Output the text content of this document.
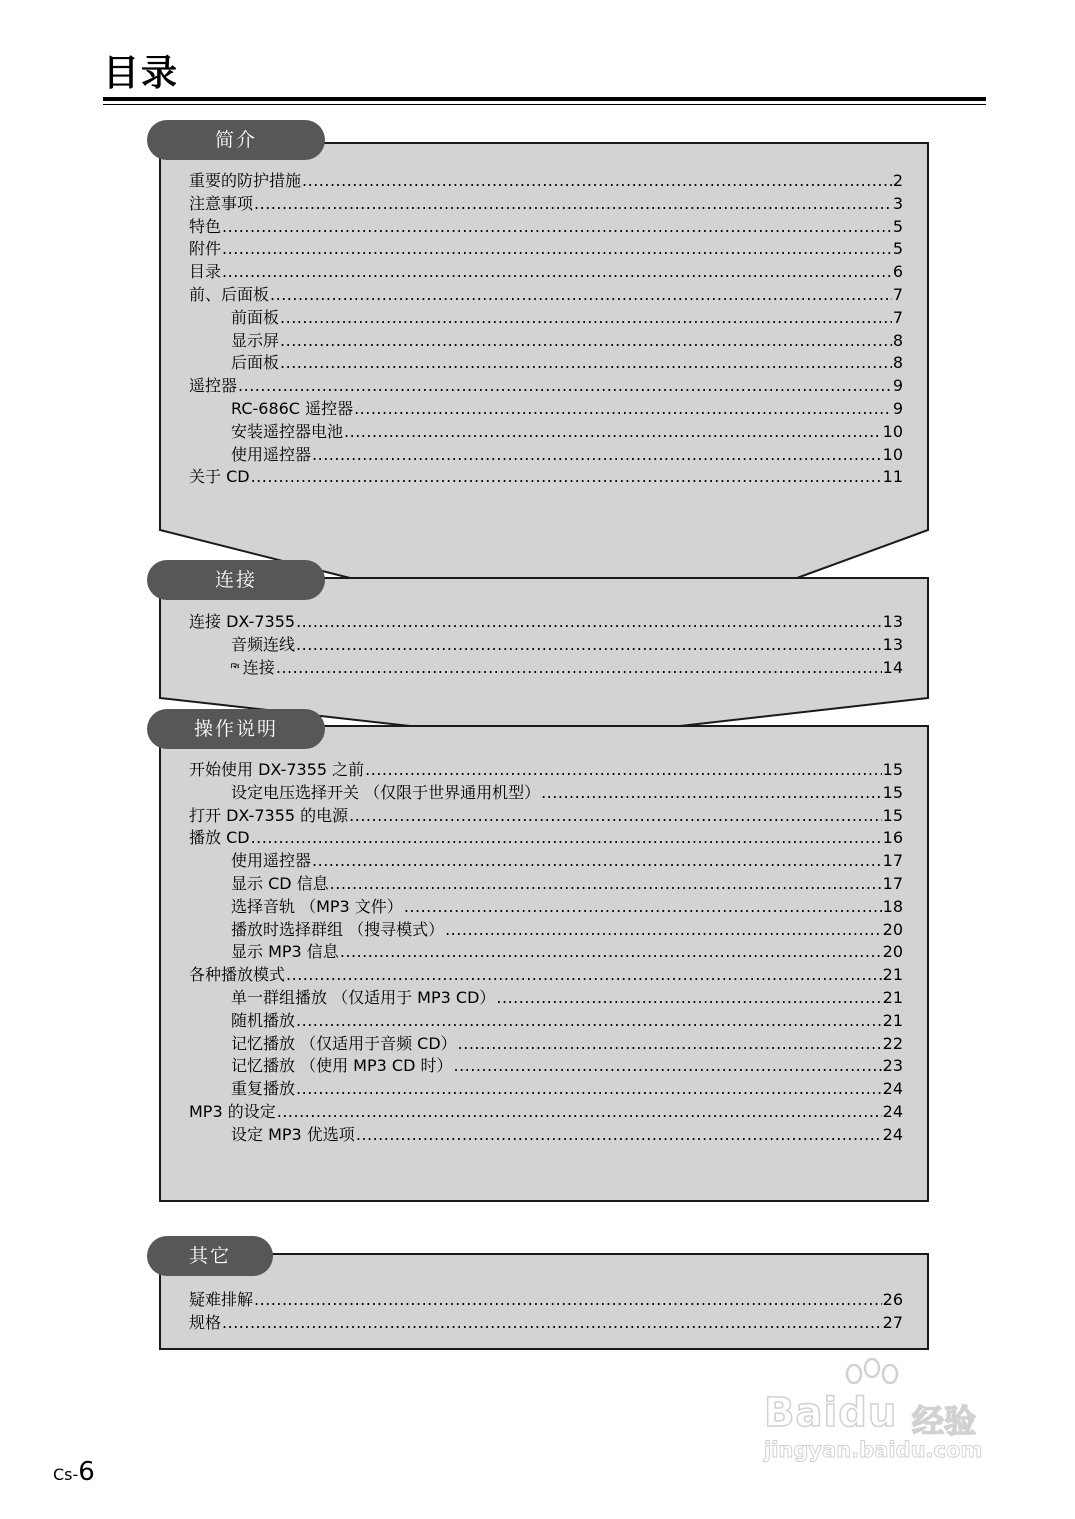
目录
简介
连接
操作说明
其它
重要的防护措施 .....	2
注意事项 .....	3
特色 .....	5
附件 .....	5
目录 .....	6
前、后面板 .....	7
前面板 .....	7
显示屏 .....	8
后面板 .....	8
遥控器 .....	9
RC-686C 遥控器 .....	9
安装遥控器电池 .....	10
使用遥控器 .....	10
关于 CD .....	11
连接 DX-7355 .....	13
音频连线 .....	13
连接 .....	14
开始使用 DX-7355 之前 .....	15
设定电压选择开关 （仅限于世界通用机型） .....	15
打开 DX-7355 的电源 .....	15
播放 CD .....	16
使用遥控器 .....	17
显示 CD 信息 .....	17
选择音轨 （MP3 文件） .....	18
播放时选择群组 （搜寻模式） .....	20
显示 MP3 信息 .....	20
各种播放模式 .....	21
单一群组播放 （仅适用于 MP3 CD） .....	21
随机播放 .....	21
记忆播放 （仅适用于音频 CD） .....	22
记忆播放 （使用 MP3 CD 时） .....	23
重复播放 .....	24
MP3 的设定 .....	24
设定 MP3 优选项 .....	24
疑难排解 .....	26
规格 .....	27
Baidu 经验
jingyan.baidu.com
Cs-6
